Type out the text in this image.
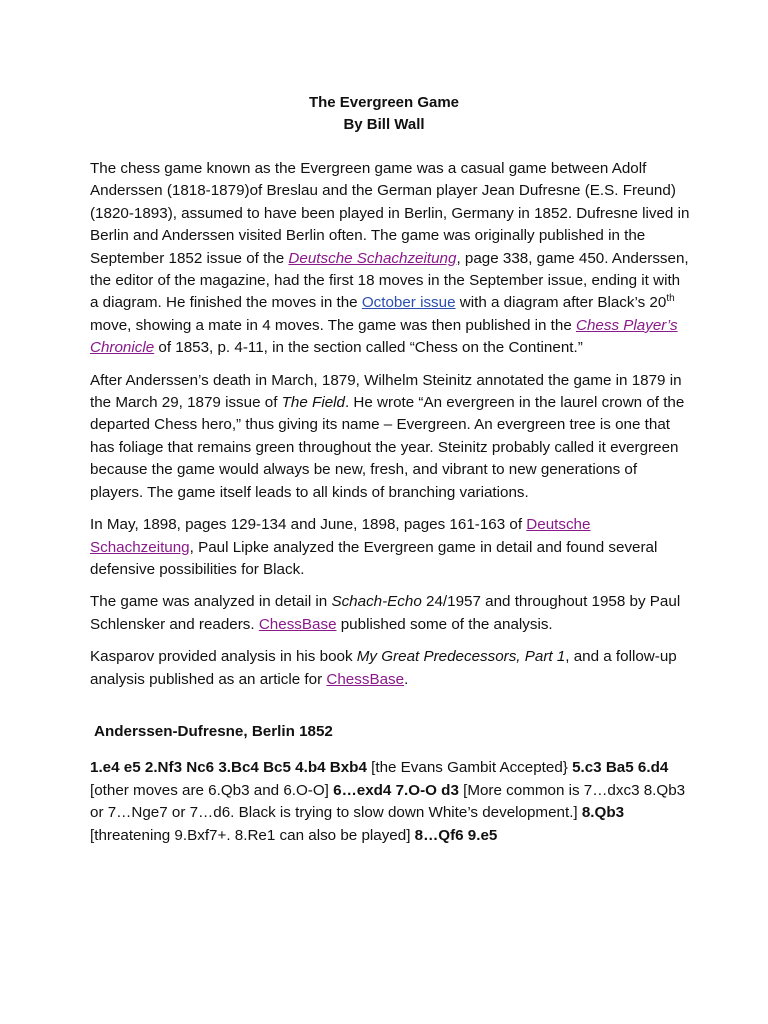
The Evergreen Game
By Bill Wall

The chess game known as the Evergreen game was a casual game between Adolf Anderssen (1818-1879)of Breslau and the German player Jean Dufresne (E.S. Freund) (1820-1893), assumed to have been played in Berlin, Germany in 1852. Dufresne lived in Berlin and Anderssen visited Berlin often. The game was originally published in the September 1852 issue of the Deutsche Schachzeitung, page 338, game 450. Anderssen, the editor of the magazine, had the first 18 moves in the September issue, ending it with a diagram. He finished the moves in the October issue with a diagram after Black’s 20th move, showing a mate in 4 moves. The game was then published in the Chess Player’s Chronicle of 1853, p. 4-11, in the section called “Chess on the Continent.”

After Anderssen’s death in March, 1879, Wilhelm Steinitz annotated the game in 1879 in the March 29, 1879 issue of The Field. He wrote “An evergreen in the laurel crown of the departed Chess hero,” thus giving its name – Evergreen. An evergreen tree is one that has foliage that remains green throughout the year. Steinitz probably called it evergreen because the game would always be new, fresh, and vibrant to new generations of players. The game itself leads to all kinds of branching variations.

In May, 1898, pages 129-134 and June, 1898, pages 161-163 of Deutsche Schachzeitung, Paul Lipke analyzed the Evergreen game in detail and found several defensive possibilities for Black.

The game was analyzed in detail in Schach-Echo 24/1957 and throughout 1958 by Paul Schlensker and readers. ChessBase published some of the analysis.

Kasparov provided analysis in his book My Great Predecessors, Part 1, and a follow-up analysis published as an article for ChessBase.

Anderssen-Dufresne, Berlin 1852

1.e4 e5 2.Nf3 Nc6 3.Bc4 Bc5 4.b4 Bxb4 [the Evans Gambit Accepted} 5.c3 Ba5 6.d4 [other moves are 6.Qb3 and 6.O-O] 6…exd4 7.O-O d3 [More common is 7…dxc3 8.Qb3 or 7…Nge7 or 7…d6. Black is trying to slow down White’s development.] 8.Qb3 [threatening 9.Bxf7+. 8.Re1 can also be played] 8…Qf6 9.e5
